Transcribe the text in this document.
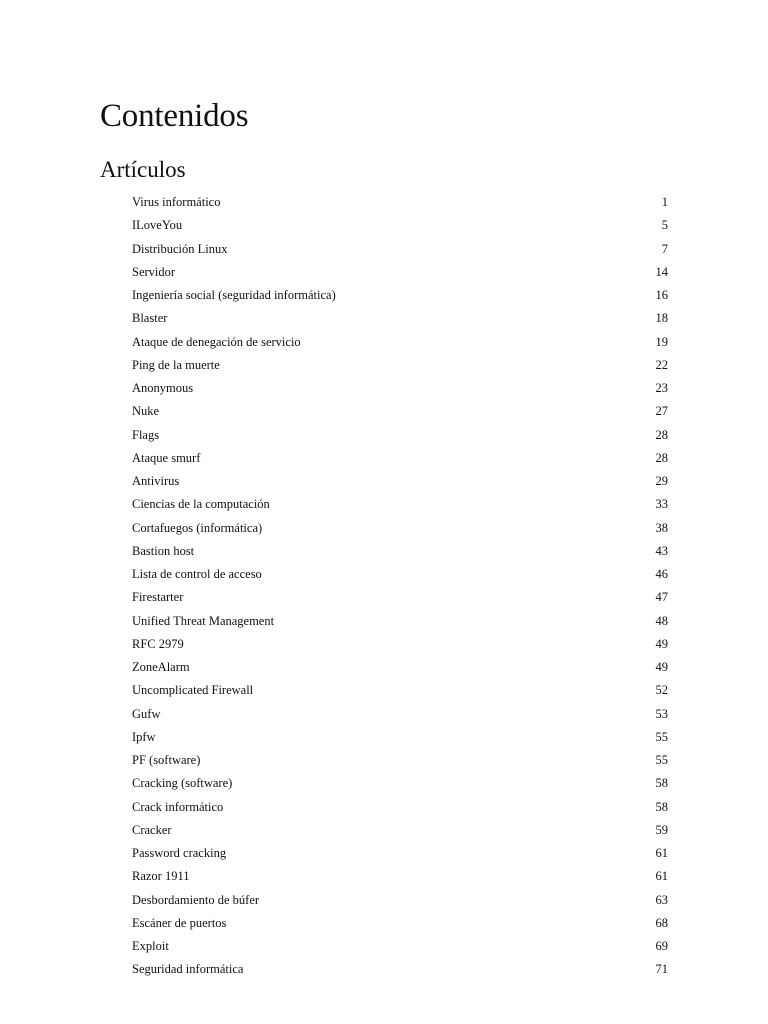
Contenidos
Artículos
Virus informático	1
ILoveYou	5
Distribución Linux	7
Servidor	14
Ingeniería social (seguridad informática)	16
Blaster	18
Ataque de denegación de servicio	19
Ping de la muerte	22
Anonymous	23
Nuke	27
Flags	28
Ataque smurf	28
Antivirus	29
Ciencias de la computación	33
Cortafuegos (informática)	38
Bastion host	43
Lista de control de acceso	46
Firestarter	47
Unified Threat Management	48
RFC 2979	49
ZoneAlarm	49
Uncomplicated Firewall	52
Gufw	53
Ipfw	55
PF (software)	55
Cracking (software)	58
Crack informático	58
Cracker	59
Password cracking	61
Razor 1911	61
Desbordamiento de búfer	63
Escáner de puertos	68
Exploit	69
Seguridad informática	71
